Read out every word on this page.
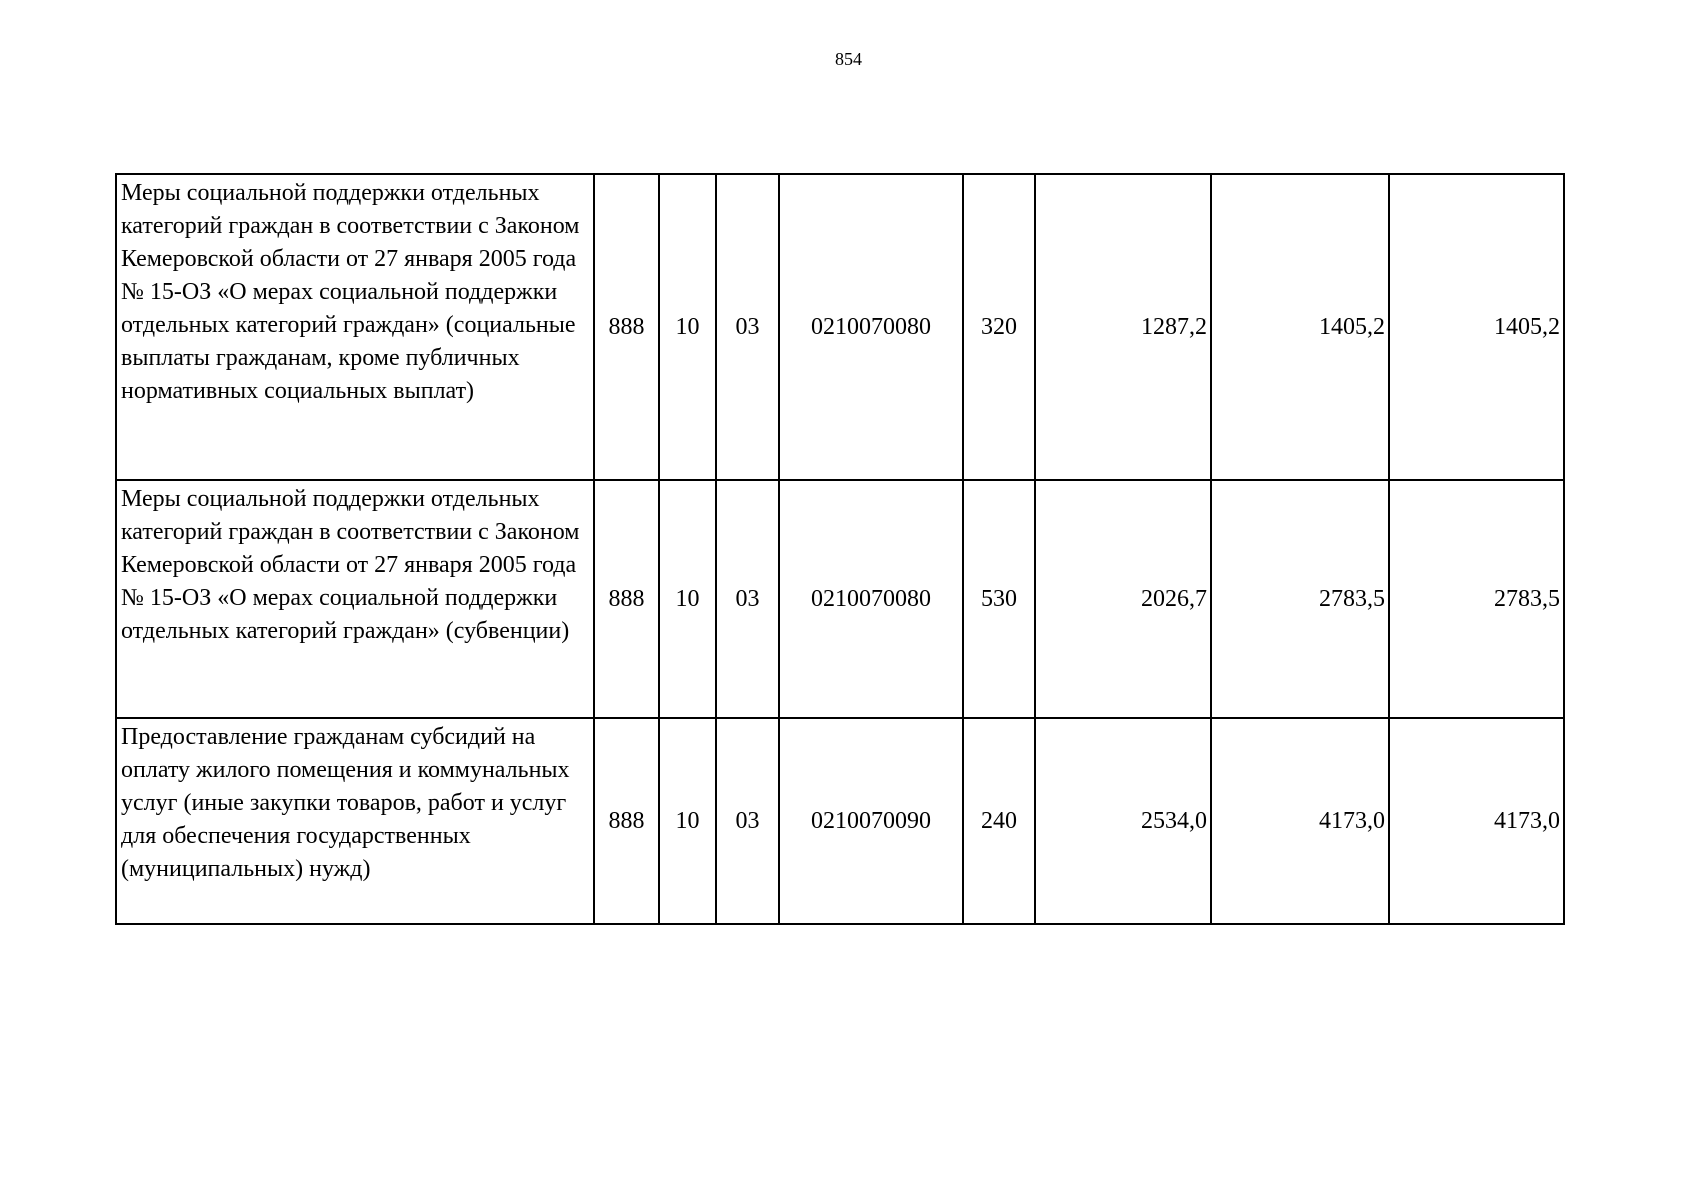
854
Меры социальной поддержки отдельных категорий граждан в соответствии с Законом Кемеровской области от 27 января 2005 года № 15-ОЗ «О мерах социальной поддержки отдельных категорий граждан» (социальные выплаты гражданам, кроме публичных нормативных социальных выплат)	888	10	03	0210070080	320	1287,2	1405,2	1405,2
Меры социальной поддержки отдельных категорий граждан в соответствии с Законом Кемеровской области от 27 января 2005 года № 15-ОЗ «О мерах социальной поддержки отдельных категорий граждан» (субвенции)	888	10	03	0210070080	530	2026,7	2783,5	2783,5
Предоставление гражданам субсидий на оплату жилого помещения и коммунальных услуг (иные закупки товаров, работ и услуг для обеспечения государственных (муниципальных) нужд)	888	10	03	0210070090	240	2534,0	4173,0	4173,0
